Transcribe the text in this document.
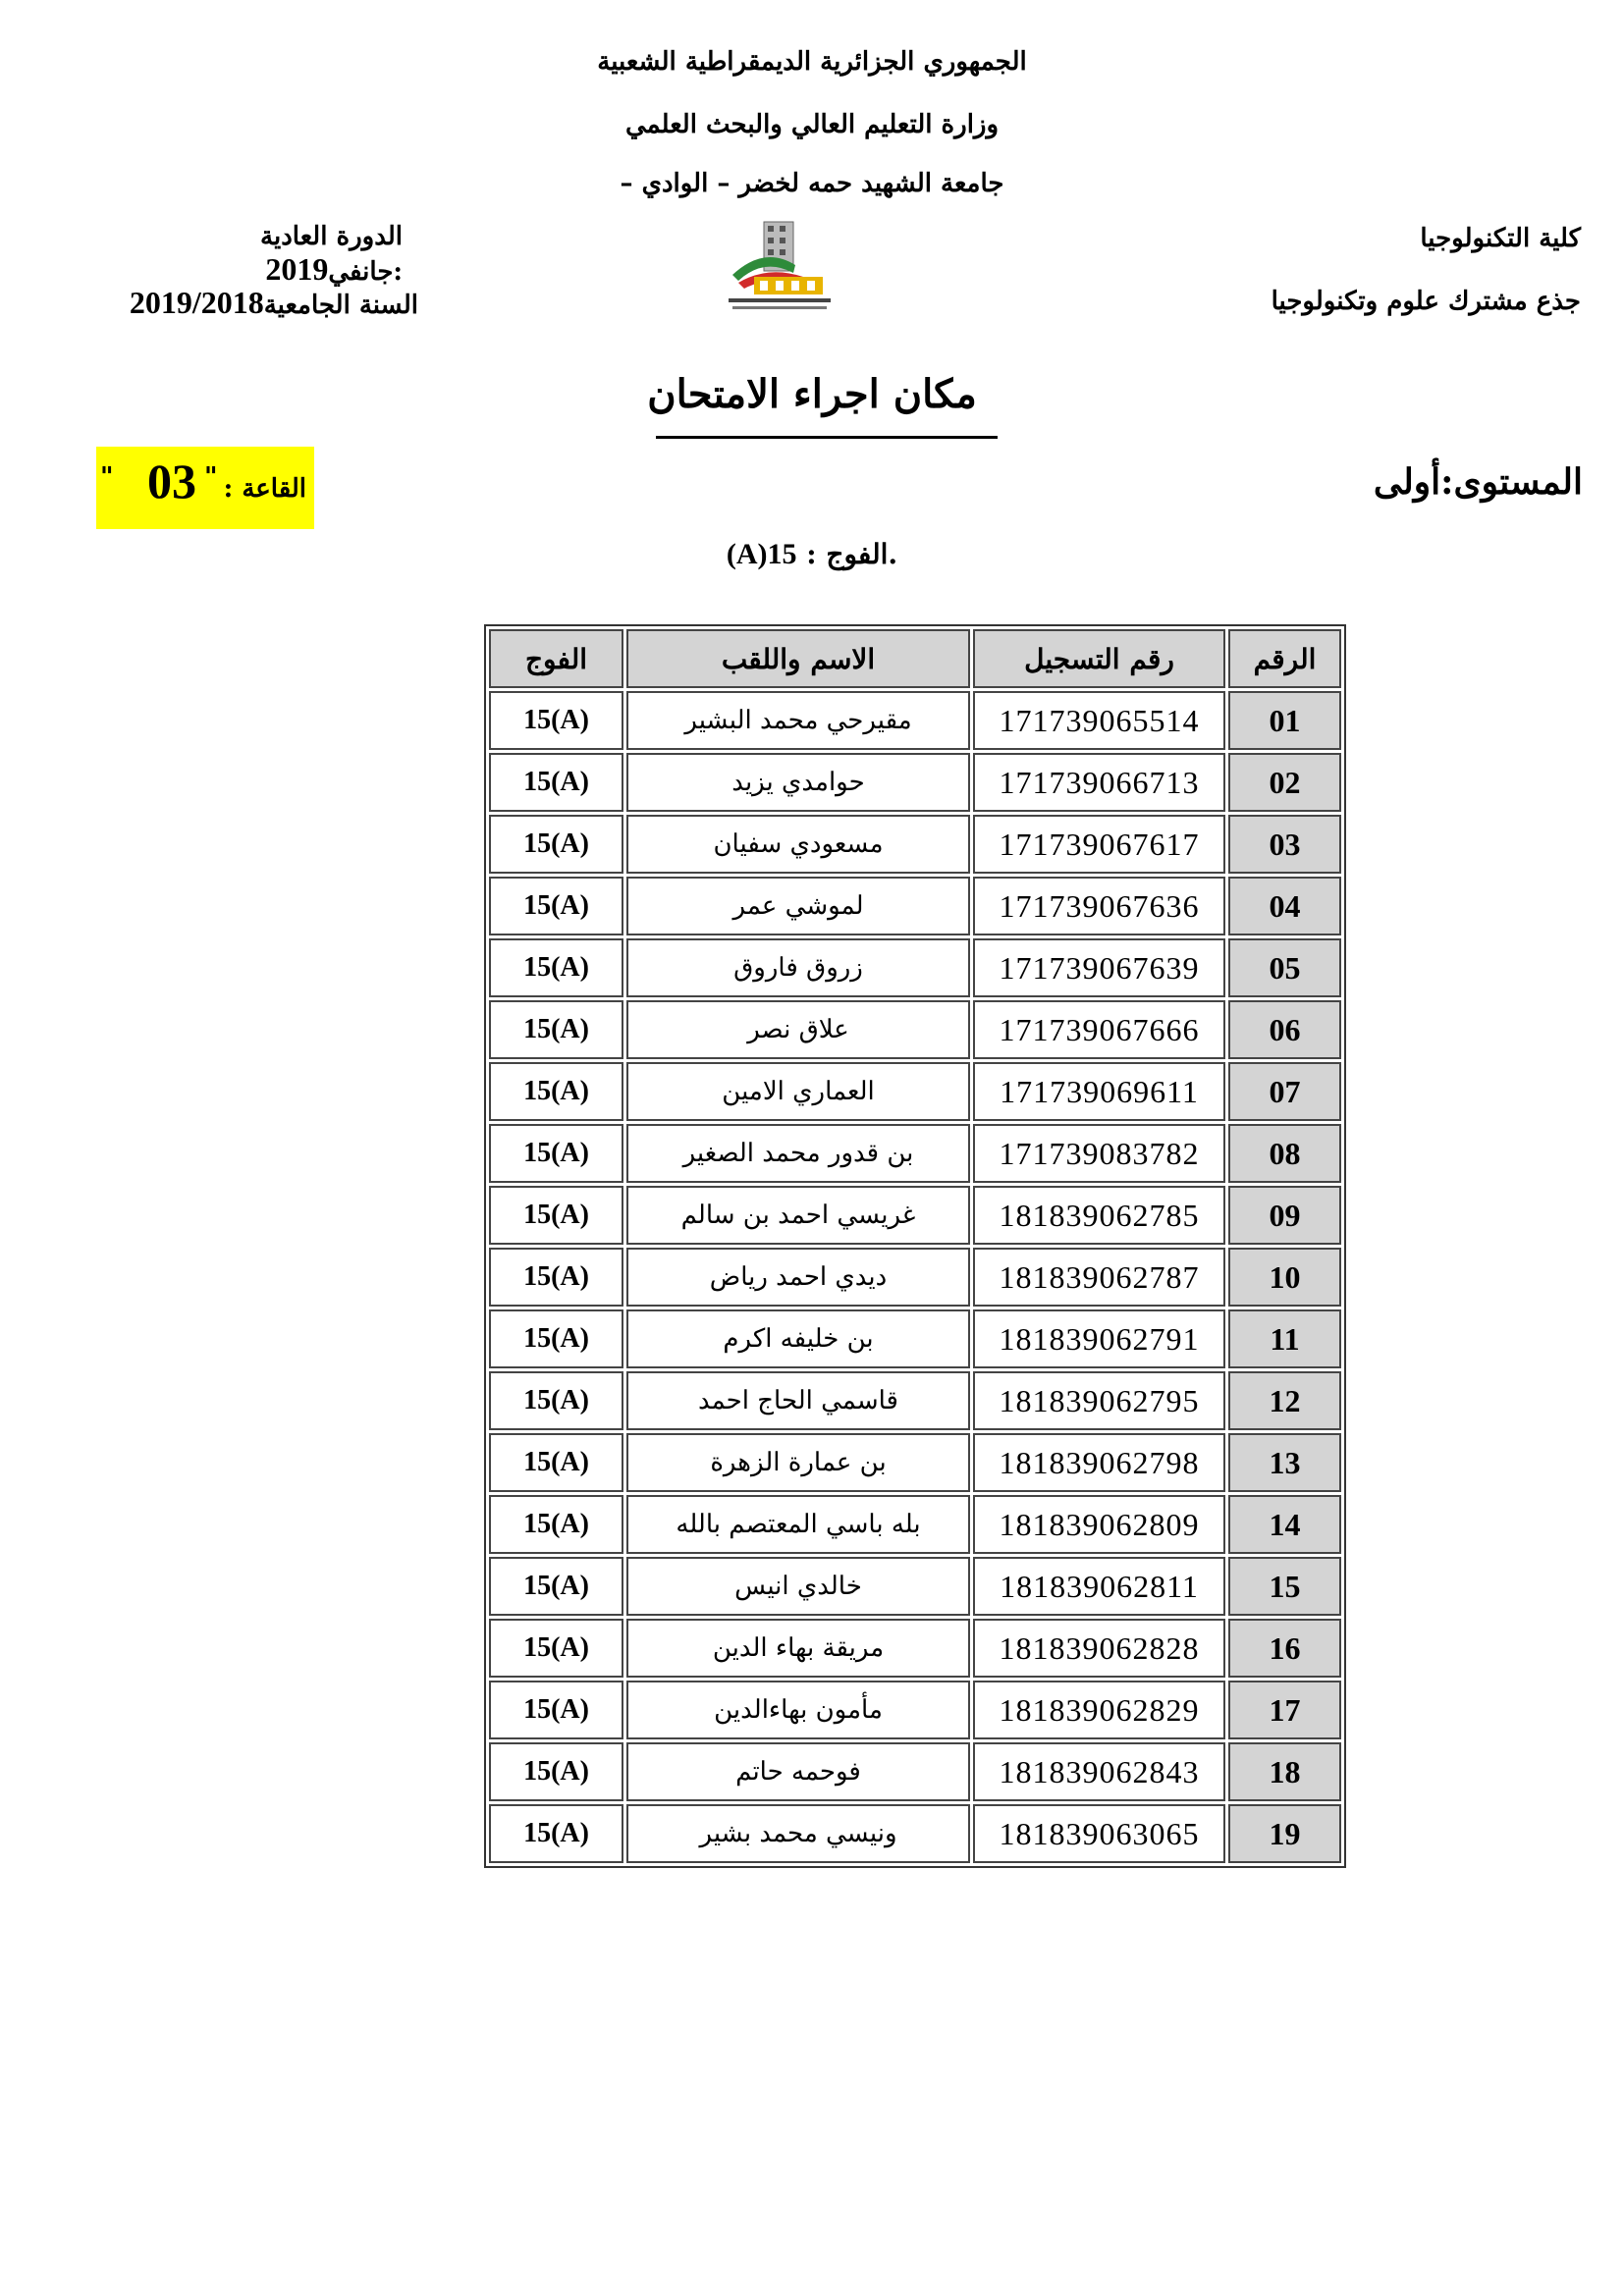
الجمهوري الجزائرية الديمقراطية الشعبية
وزارة التعليم العالي والبحث العلمي
جامعة الشهيد حمه لخضر – الوادي –
كلية التكنولوجيا
جذع مشترك علوم وتكنولوجيا
الدورة العادية :جانفي2019
السنة الجامعية2019/2018
مكان اجراء الامتحان
المستوى:أولى
القاعة :
"
03
"
.الفوج : 15(A)
الفوج	الاسم واللقب	رقم التسجيل	الرقم
15(A)	مقيرحي محمد البشير	171739065514	01
15(A)	حوامدي يزيد	171739066713	02
15(A)	مسعودي سفيان	171739067617	03
15(A)	لموشي عمر	171739067636	04
15(A)	زروق فاروق	171739067639	05
15(A)	علاق نصر	171739067666	06
15(A)	العماري الامين	171739069611	07
15(A)	بن قدور محمد الصغير	171739083782	08
15(A)	غريسي احمد بن سالم	181839062785	09
15(A)	ديدي احمد رياض	181839062787	10
15(A)	بن خليفه اكرم	181839062791	11
15(A)	قاسمي الحاج احمد	181839062795	12
15(A)	بن عمارة الزهرة	181839062798	13
15(A)	بله باسي المعتصم بالله	181839062809	14
15(A)	خالدي انيس	181839062811	15
15(A)	مريقة بهاء الدين	181839062828	16
15(A)	مأمون بهاءالدين	181839062829	17
15(A)	فوحمه حاتم	181839062843	18
15(A)	ونيسي محمد بشير	181839063065	19
